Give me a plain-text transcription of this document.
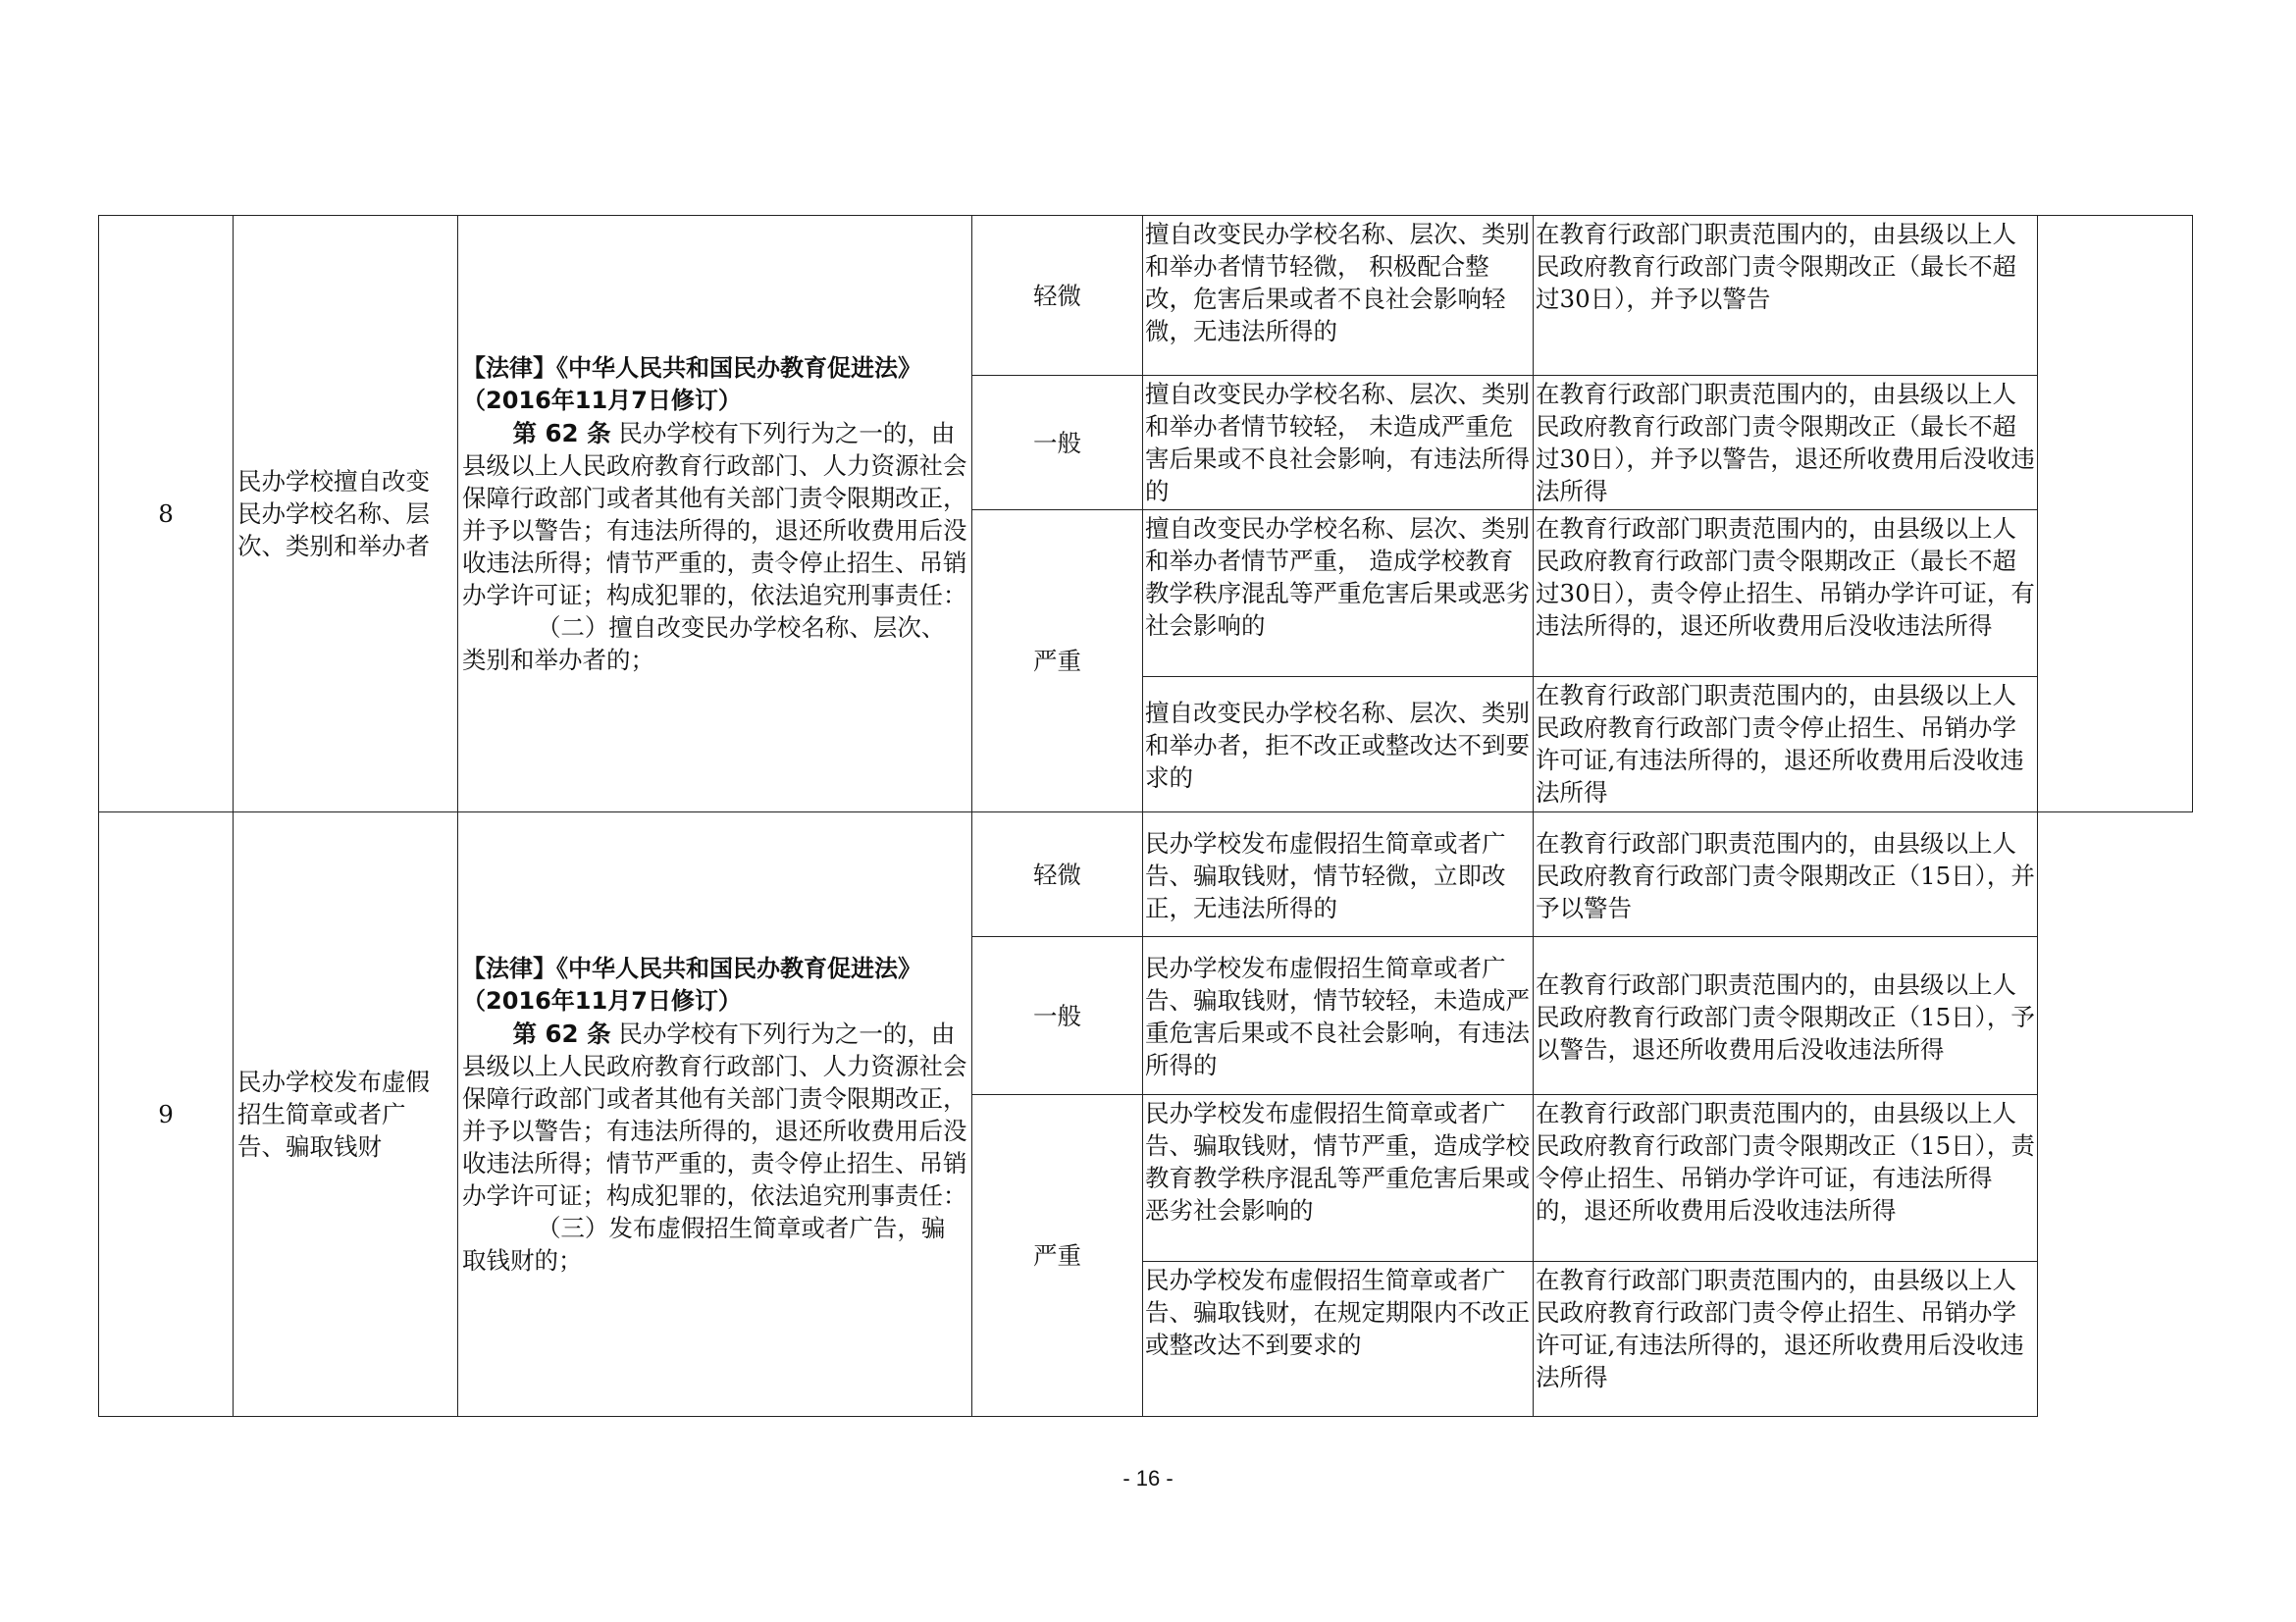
8	民办学校擅自改变民办学校名称、层次、类别和举办者	【法律】《中华人民共和国民办教育促进法》（2016年11月7日修订）
第 62 条 民办学校有下列行为之一的，由县级以上人民政府教育行政部门、人力资源社会保障行政部门或者其他有关部门责令限期改正，并予以警告；有违法所得的，退还所收费用后没收违法所得；情节严重的，责令停止招生、吊销办学许可证；构成犯罪的，依法追究刑事责任：
（二）擅自改变民办学校名称、层次、类别和举办者的；	轻微	擅自改变民办学校名称、层次、类别和举办者情节轻微， 积极配合整改，危害后果或者不良社会影响轻微，无违法所得的	在教育行政部门职责范围内的，由县级以上人民政府教育行政部门责令限期改正（最长不超过30日），并予以警告	
			一般	擅自改变民办学校名称、层次、类别和举办者情节较轻， 未造成严重危害后果或不良社会影响，有违法所得的	在教育行政部门职责范围内的，由县级以上人民政府教育行政部门责令限期改正（最长不超过30日），并予以警告，退还所收费用后没收违法所得	
			严重	擅自改变民办学校名称、层次、类别和举办者情节严重， 造成学校教育教学秩序混乱等严重危害后果或恶劣社会影响的	在教育行政部门职责范围内的，由县级以上人民政府教育行政部门责令限期改正（最长不超过30日），责令停止招生、吊销办学许可证，有违法所得的，退还所收费用后没收违法所得	
				擅自改变民办学校名称、层次、类别和举办者，拒不改正或整改达不到要求的	在教育行政部门职责范围内的，由县级以上人民政府教育行政部门责令停止招生、吊销办学许可证,有违法所得的，退还所收费用后没收违法所得	
9	民办学校发布虚假招生简章或者广告、骗取钱财	【法律】《中华人民共和国民办教育促进法》（2016年11月7日修订）
第 62 条 民办学校有下列行为之一的，由县级以上人民政府教育行政部门、人力资源社会保障行政部门或者其他有关部门责令限期改正，并予以警告；有违法所得的，退还所收费用后没收违法所得；情节严重的，责令停止招生、吊销办学许可证；构成犯罪的，依法追究刑事责任：
（三）发布虚假招生简章或者广告，骗取钱财的；	轻微	民办学校发布虚假招生简章或者广告、骗取钱财，情节轻微，立即改正，无违法所得的	在教育行政部门职责范围内的，由县级以上人民政府教育行政部门责令限期改正（15日），并予以警告	
			一般	民办学校发布虚假招生简章或者广告、骗取钱财，情节较轻，未造成严重危害后果或不良社会影响，有违法所得的	在教育行政部门职责范围内的，由县级以上人民政府教育行政部门责令限期改正（15日），予以警告，退还所收费用后没收违法所得	
			严重	民办学校发布虚假招生简章或者广告、骗取钱财，情节严重，造成学校教育教学秩序混乱等严重危害后果或恶劣社会影响的	在教育行政部门职责范围内的，由县级以上人民政府教育行政部门责令限期改正（15日），责令停止招生、吊销办学许可证，有违法所得的，退还所收费用后没收违法所得	
				民办学校发布虚假招生简章或者广告、骗取钱财，在规定期限内不改正或整改达不到要求的	在教育行政部门职责范围内的，由县级以上人民政府教育行政部门责令停止招生、吊销办学许可证,有违法所得的，退还所收费用后没收违法所得	
- 16 -
